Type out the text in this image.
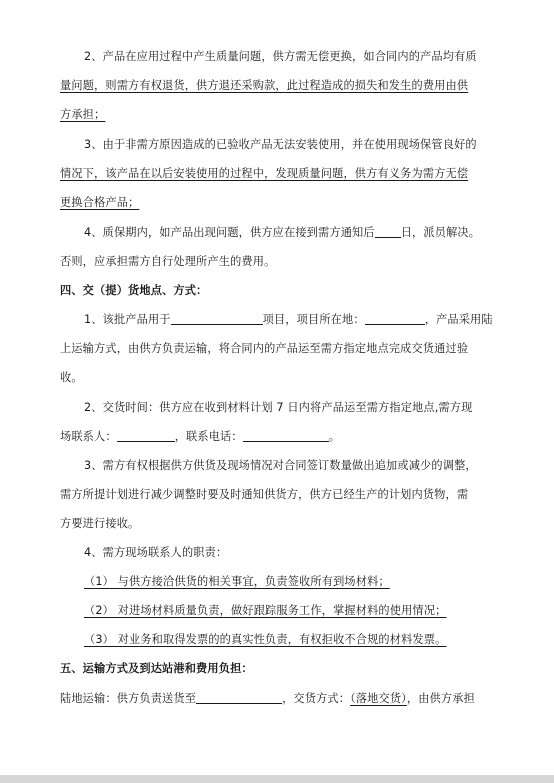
2、产品在应用过程中产生质量问题，供方需无偿更换，如合同内的产品均有质
量问题，则需方有权退货，供方退还采购款，此过程造成的损失和发生的费用由供
方承担；
3、由于非需方原因造成的已验收产品无法安装使用，并在使用现场保管良好的
情况下，该产品在以后安装使用的过程中，发现质量问题，供方有义务为需方无偿
更换合格产品；
4、质保期内，如产品出现问题，供方应在接到需方通知后 日，派员解决。
否则，应承担需方自行处理所产生的费用。
四、交（提）货地点、方式：
1、该批产品用于	项目，项目所在地：	，产品采用陆
上运输方式，由供方负责运输，将合同内的产品运至需方指定地点完成交货通过验
收。
2、交货时间：供方应在收到材料计划 7 日内将产品运至需方指定地点,需方现
场联系人：	，联系电话：	。
3、需方有权根据供方供货及现场情况对合同签订数量做出追加或减少的调整，
需方所提计划进行减少调整时要及时通知供货方，供方已经生产的计划内货物，需
方要进行接收。
4、需方现场联系人的职责：
（1） 与供方接洽供货的相关事宜，负责签收所有到场材料；
（2） 对进场材料质量负责，做好跟踪服务工作，掌握材料的使用情况；
（3） 对业务和取得发票的的真实性负责，有权拒收不合规的材料发票。
五、运输方式及到达站港和费用负担：
陆地运输：供方负责送货至	，交货方式：（落地交货），由供方承担
